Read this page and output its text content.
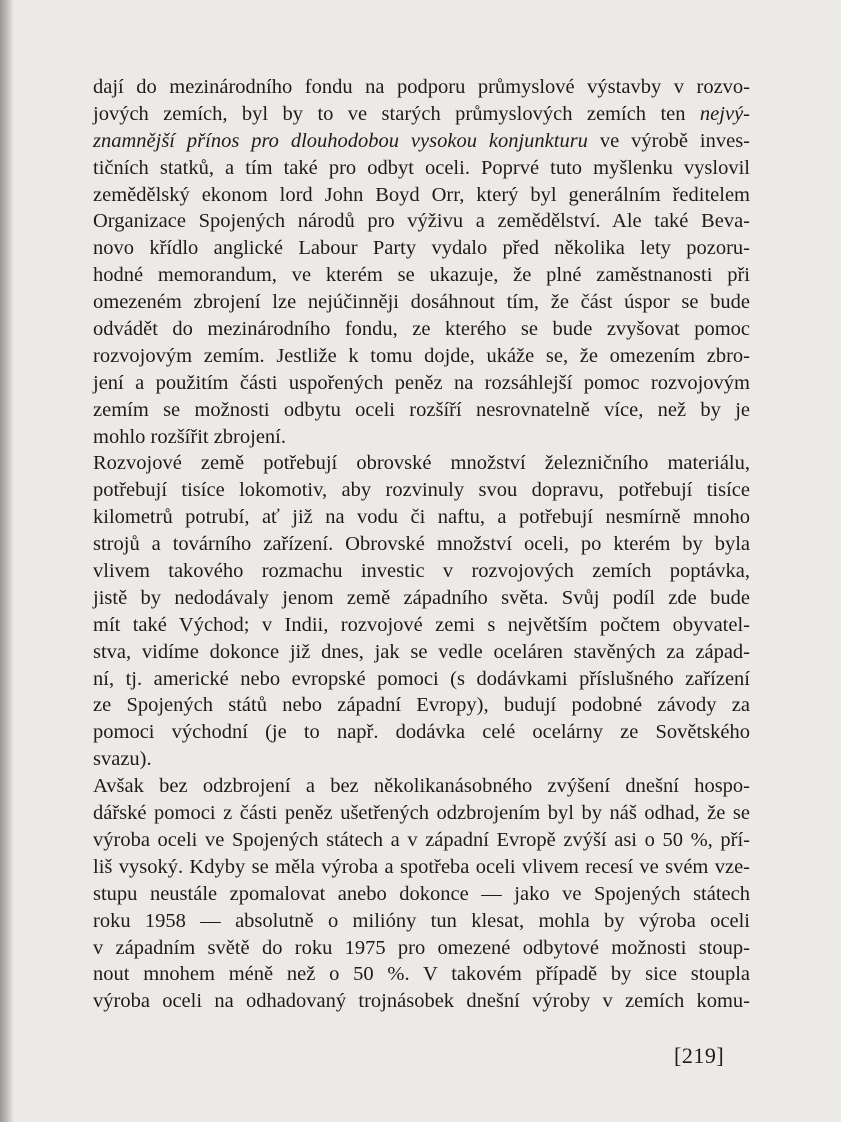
dají do mezinárodního fondu na podporu průmyslové výstavby v rozvo-
jových zemích, byl by to ve starých průmyslových zemích ten nejvý-
znamnější přínos pro dlouhodobou vysokou konjunkturu ve výrobě inves-
tičních statků, a tím také pro odbyt oceli. Poprvé tuto myšlenku vyslovil
zemědělský ekonom lord John Boyd Orr, který byl generálním ředitelem
Organizace Spojených národů pro výživu a zemědělství. Ale také Beva-
novo křídlo anglické Labour Party vydalo před několika lety pozoru-
hodné memorandum, ve kterém se ukazuje, že plné zaměstnanosti při
omezeném zbrojení lze nejúčinněji dosáhnout tím, že část úspor se bude
odvádět do mezinárodního fondu, ze kterého se bude zvyšovat pomoc
rozvojovým zemím. Jestliže k tomu dojde, ukáže se, že omezením zbro-
jení a použitím části uspořených peněz na rozsáhlejší pomoc rozvojovým
zemím se možnosti odbytu oceli rozšíří nesrovnatelně více, než by je
mohlo rozšířit zbrojení.
Rozvojové země potřebují obrovské množství železničního materiálu,
potřebují tisíce lokomotiv, aby rozvinuly svou dopravu, potřebují tisíce
kilometrů potrubí, ať již na vodu či naftu, a potřebují nesmírně mnoho
strojů a továrního zařízení. Obrovské množství oceli, po kterém by byla
vlivem takového rozmachu investic v rozvojových zemích poptávka,
jistě by nedodávaly jenom země západního světa. Svůj podíl zde bude
mít také Východ; v Indii, rozvojové zemi s největším počtem obyvatel-
stva, vidíme dokonce již dnes, jak se vedle oceláren stavěných za západ-
ní, tj. americké nebo evropské pomoci (s dodávkami příslušného zařízení
ze Spojených států nebo západní Evropy), budují podobné závody za
pomoci východní (je to např. dodávka celé ocelárny ze Sovětského
svazu).
Avšak bez odzbrojení a bez několikanásobného zvýšení dnešní hospo-
dářské pomoci z části peněz ušetřených odzbrojením byl by náš odhad, že se
výroba oceli ve Spojených státech a v západní Evropě zvýší asi o 50 %, pří-
liš vysoký. Kdyby se měla výroba a spotřeba oceli vlivem recesí ve svém vze-
stupu neustále zpomalovat anebo dokonce — jako ve Spojených státech
roku 1958 — absolutně o milióny tun klesat, mohla by výroba oceli
v západním světě do roku 1975 pro omezené odbytové možnosti stoup-
nout mnohem méně než o 50 %. V takovém případě by sice stoupla
výroba oceli na odhadovaný trojnásobek dnešní výroby v zemích komu-
[219]
